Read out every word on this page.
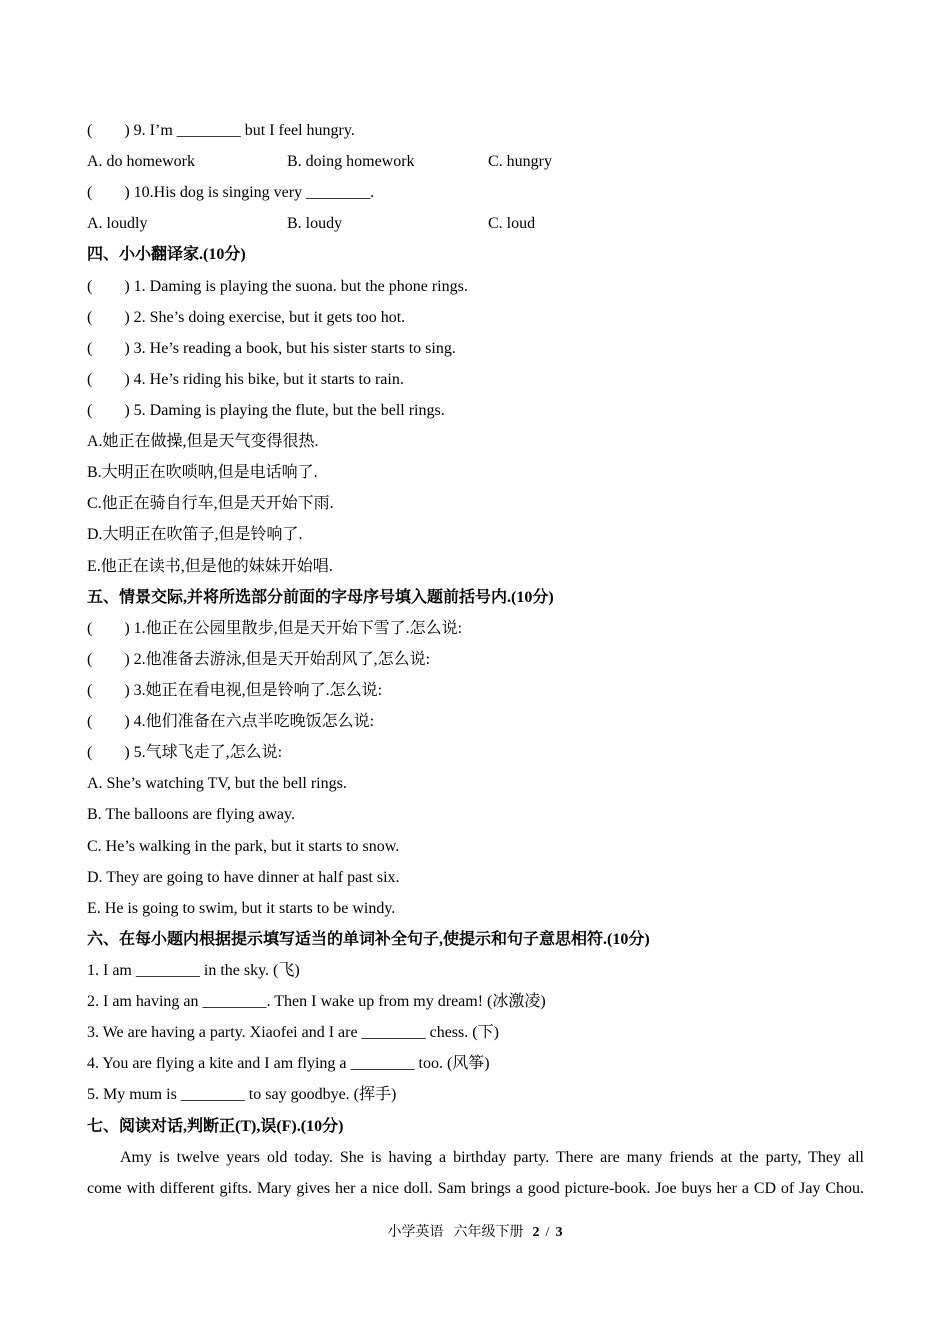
(        ) 9. I’m ________ but I feel hungry.
A. do homework	B. doing homework	C. hungry
(        ) 10.His dog is singing very ________.
A. loudly	B. loudy	C. loud
四、小小翻译家.(10分)
(        ) 1. Daming is playing the suona. but the phone rings.
(        ) 2. She’s doing exercise, but it gets too hot.
(        ) 3. He’s reading a book, but his sister starts to sing.
(        ) 4. He’s riding his bike, but it starts to rain.
(        ) 5. Daming is playing the flute, but the bell rings.
A.她正在做操,但是天气变得很热.
B.大明正在吹唢呐,但是电话响了.
C.他正在骑自行车,但是天开始下雨.
D.大明正在吹笛子,但是铃响了.
E.他正在读书,但是他的妹妹开始唱.
五、情景交际,并将所选部分前面的字母序号填入题前括号内.(10分)
(        ) 1.他正在公园里散步,但是天开始下雪了.怎么说:
(        ) 2.他准备去游泳,但是天开始刮风了,怎么说:
(        ) 3.她正在看电视,但是铃响了.怎么说:
(        ) 4.他们准备在六点半吃晚饭怎么说:
(        ) 5.气球飞走了,怎么说:
A. She’s watching TV, but the bell rings.
B. The balloons are flying away.
C. He’s walking in the park, but it starts to snow.
D. They are going to have dinner at half past six.
E. He is going to swim, but it starts to be windy.
六、在每小题内根据提示填写适当的单词补全句子,使提示和句子意思相符.(10分)
1. I am ________ in the sky. (飞)
2. I am having an ________. Then I wake up from my dream! (冰激凌)
3. We are having a party. Xiaofei and I are ________ chess. (下)
4. You are flying a kite and I am flying a ________ too. (风筝)
5. My mum is ________ to say goodbye. (挥手)
七、阅读对话,判断正(T),误(F).(10分)
Amy is twelve years old today. She is having a birthday party. There are many friends at the party, They all
come with different gifts. Mary gives her a nice doll. Sam brings a good picture-book. Joe buys her a CD of Jay Chou.
小学英语 六年级下册 2 / 3
